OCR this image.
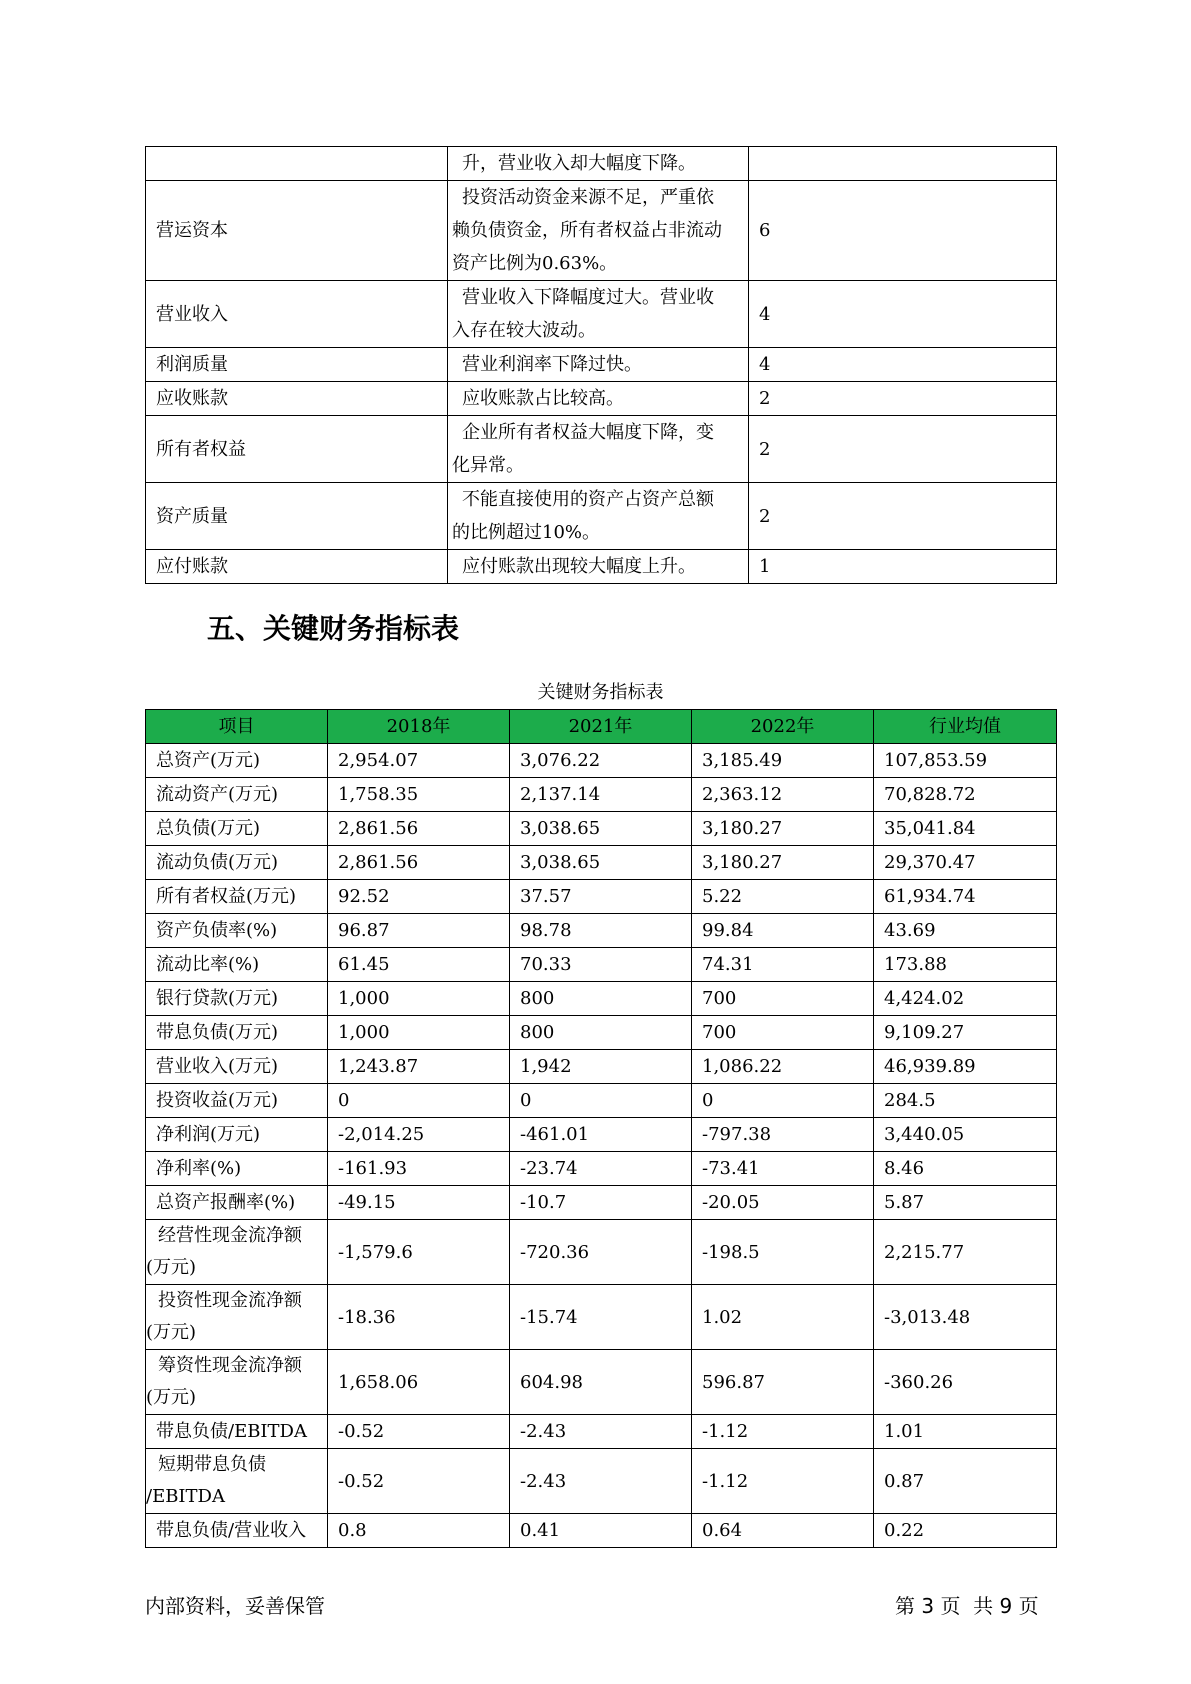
	升，营业收入却大幅度下降。	
营运资本	投资活动资金来源不足，严重依
赖负债资金，所有者权益占非流动
资产比例为0.63%。	6
营业收入	营业收入下降幅度过大。营业收
入存在较大波动。	4
利润质量	营业利润率下降过快。	4
应收账款	应收账款占比较高。	2
所有者权益	企业所有者权益大幅度下降，变
化异常。	2
资产质量	不能直接使用的资产占资产总额
的比例超过10%。	2
应付账款	应付账款出现较大幅度上升。	1
五、关键财务指标表
关键财务指标表
项目	2018年	2021年	2022年	行业均值
总资产(万元)	2,954.07	3,076.22	3,185.49	107,853.59
流动资产(万元)	1,758.35	2,137.14	2,363.12	70,828.72
总负债(万元)	2,861.56	3,038.65	3,180.27	35,041.84
流动负债(万元)	2,861.56	3,038.65	3,180.27	29,370.47
所有者权益(万元)	92.52	37.57	5.22	61,934.74
资产负债率(%)	96.87	98.78	99.84	43.69
流动比率(%)	61.45	70.33	74.31	173.88
银行贷款(万元)	1,000	800	700	4,424.02
带息负债(万元)	1,000	800	700	9,109.27
营业收入(万元)	1,243.87	1,942	1,086.22	46,939.89
投资收益(万元)	0	0	0	284.5
净利润(万元)	-2,014.25	-461.01	-797.38	3,440.05
净利率(%)	-161.93	-23.74	-73.41	8.46
总资产报酬率(%)	-49.15	-10.7	-20.05	5.87
经营性现金流净额
(万元)	-1,579.6	-720.36	-198.5	2,215.77
投资性现金流净额
(万元)	-18.36	-15.74	1.02	-3,013.48
筹资性现金流净额
(万元)	1,658.06	604.98	596.87	-360.26
带息负债/EBITDA	-0.52	-2.43	-1.12	1.01
短期带息负债
/EBITDA	-0.52	-2.43	-1.12	0.87
带息负债/营业收入	0.8	0.41	0.64	0.22
内部资料，妥善保管	第 3 页  共 9 页
